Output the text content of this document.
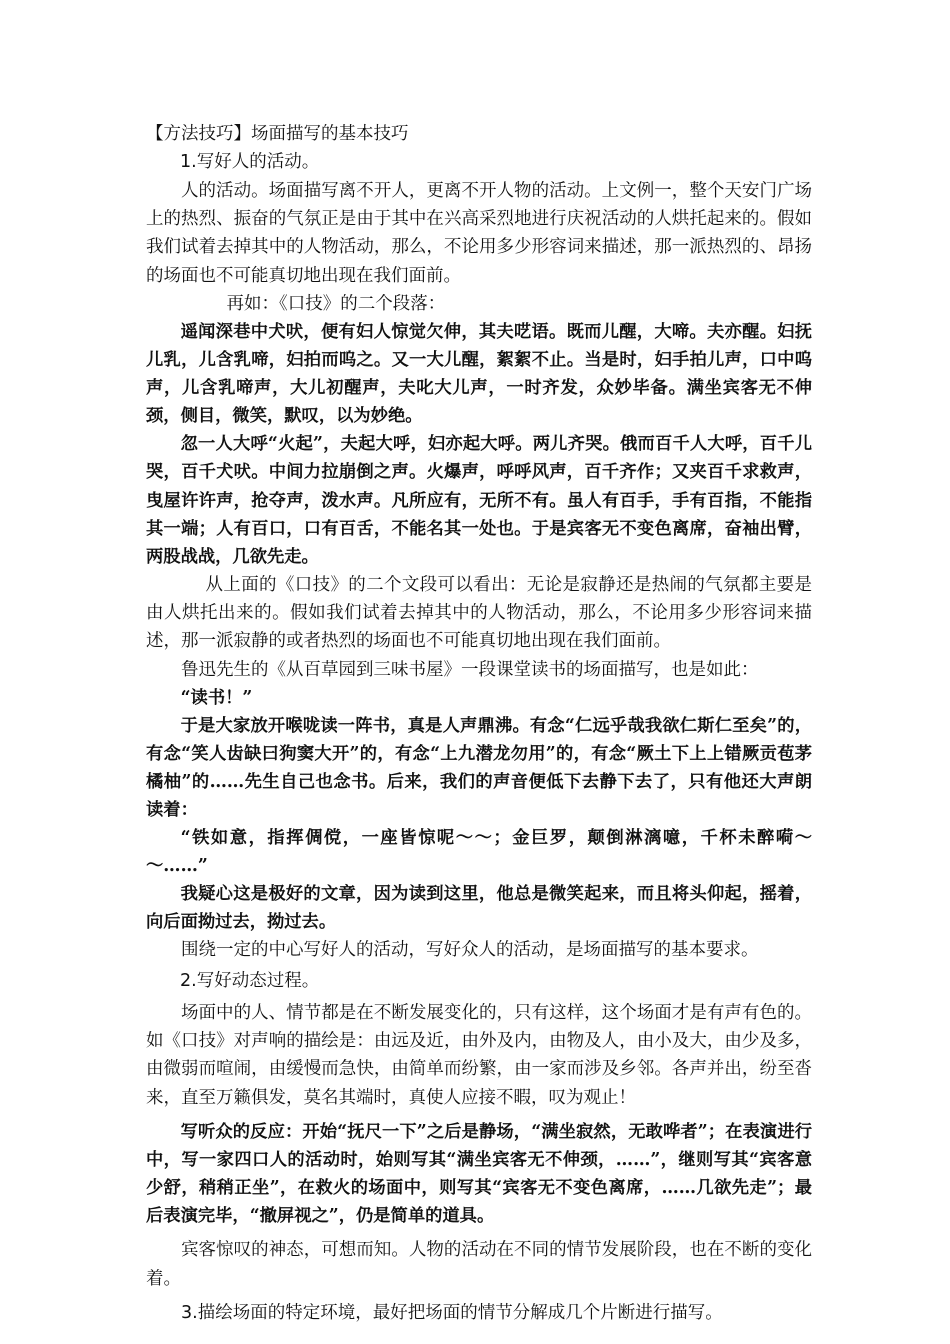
【方法技巧】场面描写的基本技巧

1.写好人的活动。

人的活动。场面描写离不开人，更离不开人物的活动。上文例一，整个天安门广场上的热烈、振奋的气氛正是由于其中在兴高采烈地进行庆祝活动的人烘托起来的。假如我们试着去掉其中的人物活动，那么，不论用多少形容词来描述，那一派热烈的、昂扬的场面也不可能真切地出现在我们面前。

再如：《口技》的二个段落：

遥闻深巷中犬吠，便有妇人惊觉欠伸，其夫呓语。既而儿醒，大啼。夫亦醒。妇抚儿乳，儿含乳啼，妇拍而呜之。又一大儿醒，絮絮不止。当是时，妇手拍儿声，口中呜声，儿含乳啼声，大儿初醒声，夫叱大儿声，一时齐发，众妙毕备。满坐宾客无不伸颈，侧目，微笑，默叹，以为妙绝。

忽一人大呼“火起”，夫起大呼，妇亦起大呼。两儿齐哭。俄而百千人大呼，百千儿哭，百千犬吠。中间力拉崩倒之声。火爆声，呼呼风声，百千齐作；又夹百千求救声，曳屋许许声，抢夺声，泼水声。凡所应有，无所不有。虽人有百手，手有百指，不能指其一端；人有百口，口有百舌，不能名其一处也。于是宾客无不变色离席，奋袖出臂，两股战战，几欲先走。

从上面的《口技》的二个文段可以看出：无论是寂静还是热闹的气氛都主要是由人烘托出来的。假如我们试着去掉其中的人物活动，那么，不论用多少形容词来描述，那一派寂静的或者热烈的场面也不可能真切地出现在我们面前。

鲁迅先生的《从百草园到三味书屋》一段课堂读书的场面描写，也是如此：

“读书！”

于是大家放开喉咙读一阵书，真是人声鼎沸。有念“仁远乎哉我欲仁斯仁至矣”的，有念“笑人齿缺曰狗窦大开”的，有念“上九潜龙勿用”的，有念“厥土下上上错厥贡苞茅橘柚”的……先生自己也念书。后来，我们的声音便低下去静下去了，只有他还大声朗读着：

“铁如意，指挥倜傥，一座皆惊呢～～；金巨罗，颠倒淋漓噫，千杯未醉嗬～～……”

我疑心这是极好的文章，因为读到这里，他总是微笑起来，而且将头仰起，摇着，向后面拗过去，拗过去。

围绕一定的中心写好人的活动，写好众人的活动，是场面描写的基本要求。

2.写好动态过程。

场面中的人、情节都是在不断发展变化的，只有这样，这个场面才是有声有色的。如《口技》对声响的描绘是：由远及近，由外及内，由物及人，由小及大，由少及多，由微弱而喧闹，由缓慢而急快，由简单而纷繁，由一家而涉及乡邻。各声并出，纷至沓来，直至万籁俱发，莫名其端时，真使人应接不暇，叹为观止！

写听众的反应：开始“抚尺一下”之后是静场，“满坐寂然，无敢哗者”；在表演进行中，写一家四口人的活动时，始则写其“满坐宾客无不伸颈，……”，继则写其“宾客意少舒，稍稍正坐”，在救火的场面中，则写其“宾客无不变色离席，……几欲先走”；最后表演完毕，“撤屏视之”，仍是简单的道具。

宾客惊叹的神态，可想而知。人物的活动在不同的情节发展阶段，也在不断的变化着。

3.描绘场面的特定环境，最好把场面的情节分解成几个片断进行描写。
